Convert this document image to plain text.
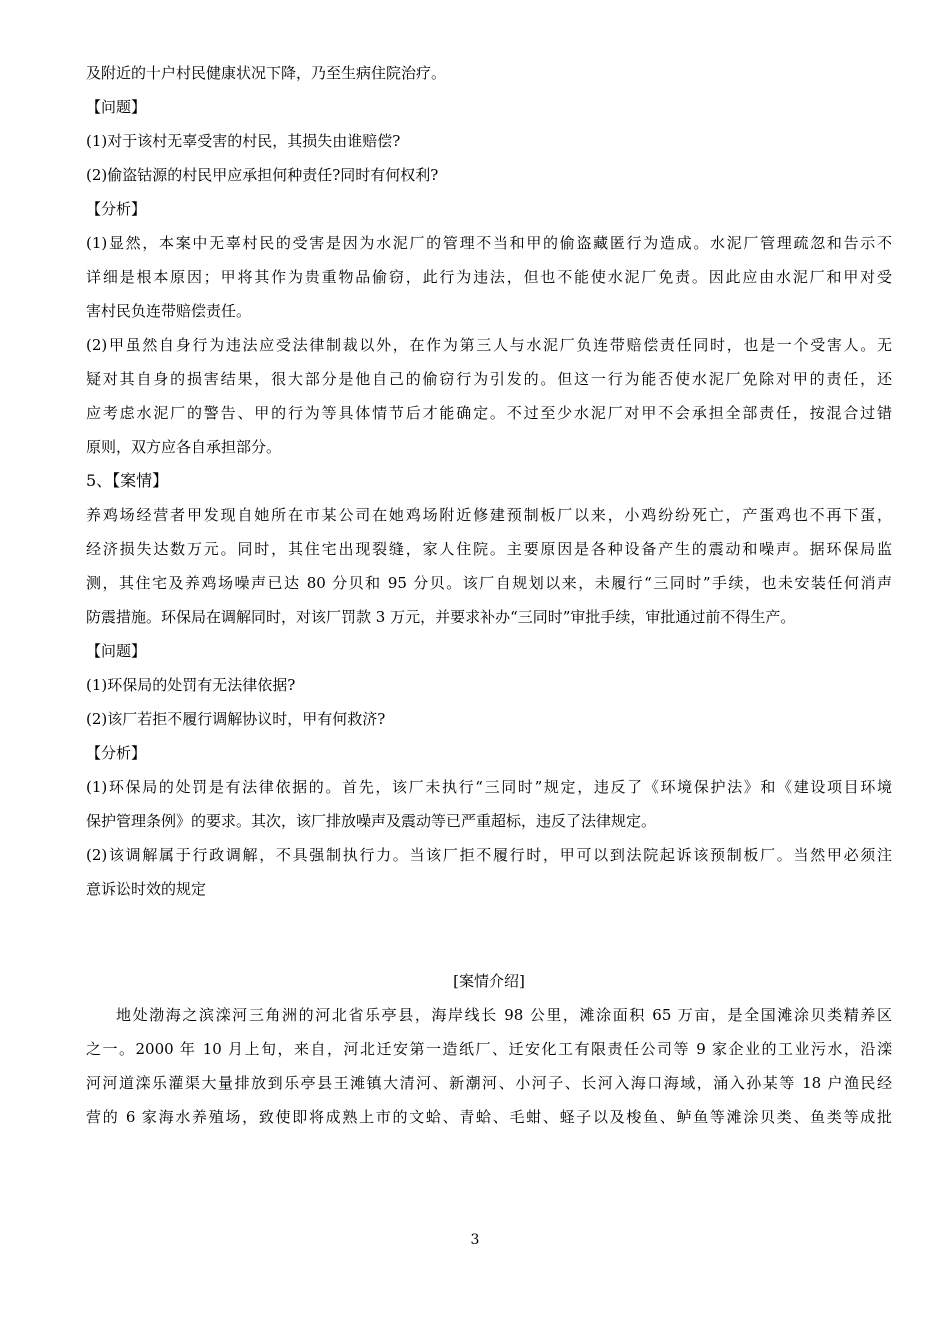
及附近的十户村民健康状况下降，乃至生病住院治疗。
【问题】
(1)对于该村无辜受害的村民，其损失由谁赔偿?
(2)偷盗钴源的村民甲应承担何种责任?同时有何权利?
【分析】
(1)显然，本案中无辜村民的受害是因为水泥厂的管理不当和甲的偷盗藏匿行为造成。水泥厂管理疏忽和告示不
详细是根本原因；甲将其作为贵重物品偷窃，此行为违法，但也不能使水泥厂免责。因此应由水泥厂和甲对受
害村民负连带赔偿责任。
(2)甲虽然自身行为违法应受法律制裁以外，在作为第三人与水泥厂负连带赔偿责任同时，也是一个受害人。无
疑对其自身的损害结果，很大部分是他自己的偷窃行为引发的。但这一行为能否使水泥厂免除对甲的责任，还
应考虑水泥厂的警告、甲的行为等具体情节后才能确定。不过至少水泥厂对甲不会承担全部责任，按混合过错
原则，双方应各自承担部分。
5、【案情】
养鸡场经营者甲发现自她所在市某公司在她鸡场附近修建预制板厂以来，小鸡纷纷死亡，产蛋鸡也不再下蛋，
经济损失达数万元。同时，其住宅出现裂缝，家人住院。主要原因是各种设备产生的震动和噪声。据环保局监
测，其住宅及养鸡场噪声已达 80 分贝和 95 分贝。该厂自规划以来，未履行“三同时”手续，也未安装任何消声
防震措施。环保局在调解同时，对该厂罚款 3 万元，并要求补办“三同时”审批手续，审批通过前不得生产。
【问题】
(1)环保局的处罚有无法律依据?
(2)该厂若拒不履行调解协议时，甲有何救济?
【分析】
(1)环保局的处罚是有法律依据的。首先，该厂未执行“三同时”规定，违反了《环境保护法》和《建设项目环境
保护管理条例》的要求。其次，该厂排放噪声及震动等已严重超标，违反了法律规定。
(2)该调解属于行政调解，不具强制执行力。当该厂拒不履行时，甲可以到法院起诉该预制板厂。当然甲必须注
意诉讼时效的规定
[案情介绍]
地处渤海之滨滦河三角洲的河北省乐亭县，海岸线长 98 公里，滩涂面积 65 万亩，是全国滩涂贝类精养区
之一。2000 年 10 月上旬，来自，河北迁安第一造纸厂、迁安化工有限责任公司等 9 家企业的工业污水，沿滦
河河道滦乐灌渠大量排放到乐亭县王滩镇大清河、新潮河、小河子、长河入海口海域，涌入孙某等 18 户渔民经
营的 6 家海水养殖场，致使即将成熟上市的文蛤、青蛤、毛蚶、蛏子以及梭鱼、鲈鱼等滩涂贝类、鱼类等成批
3
